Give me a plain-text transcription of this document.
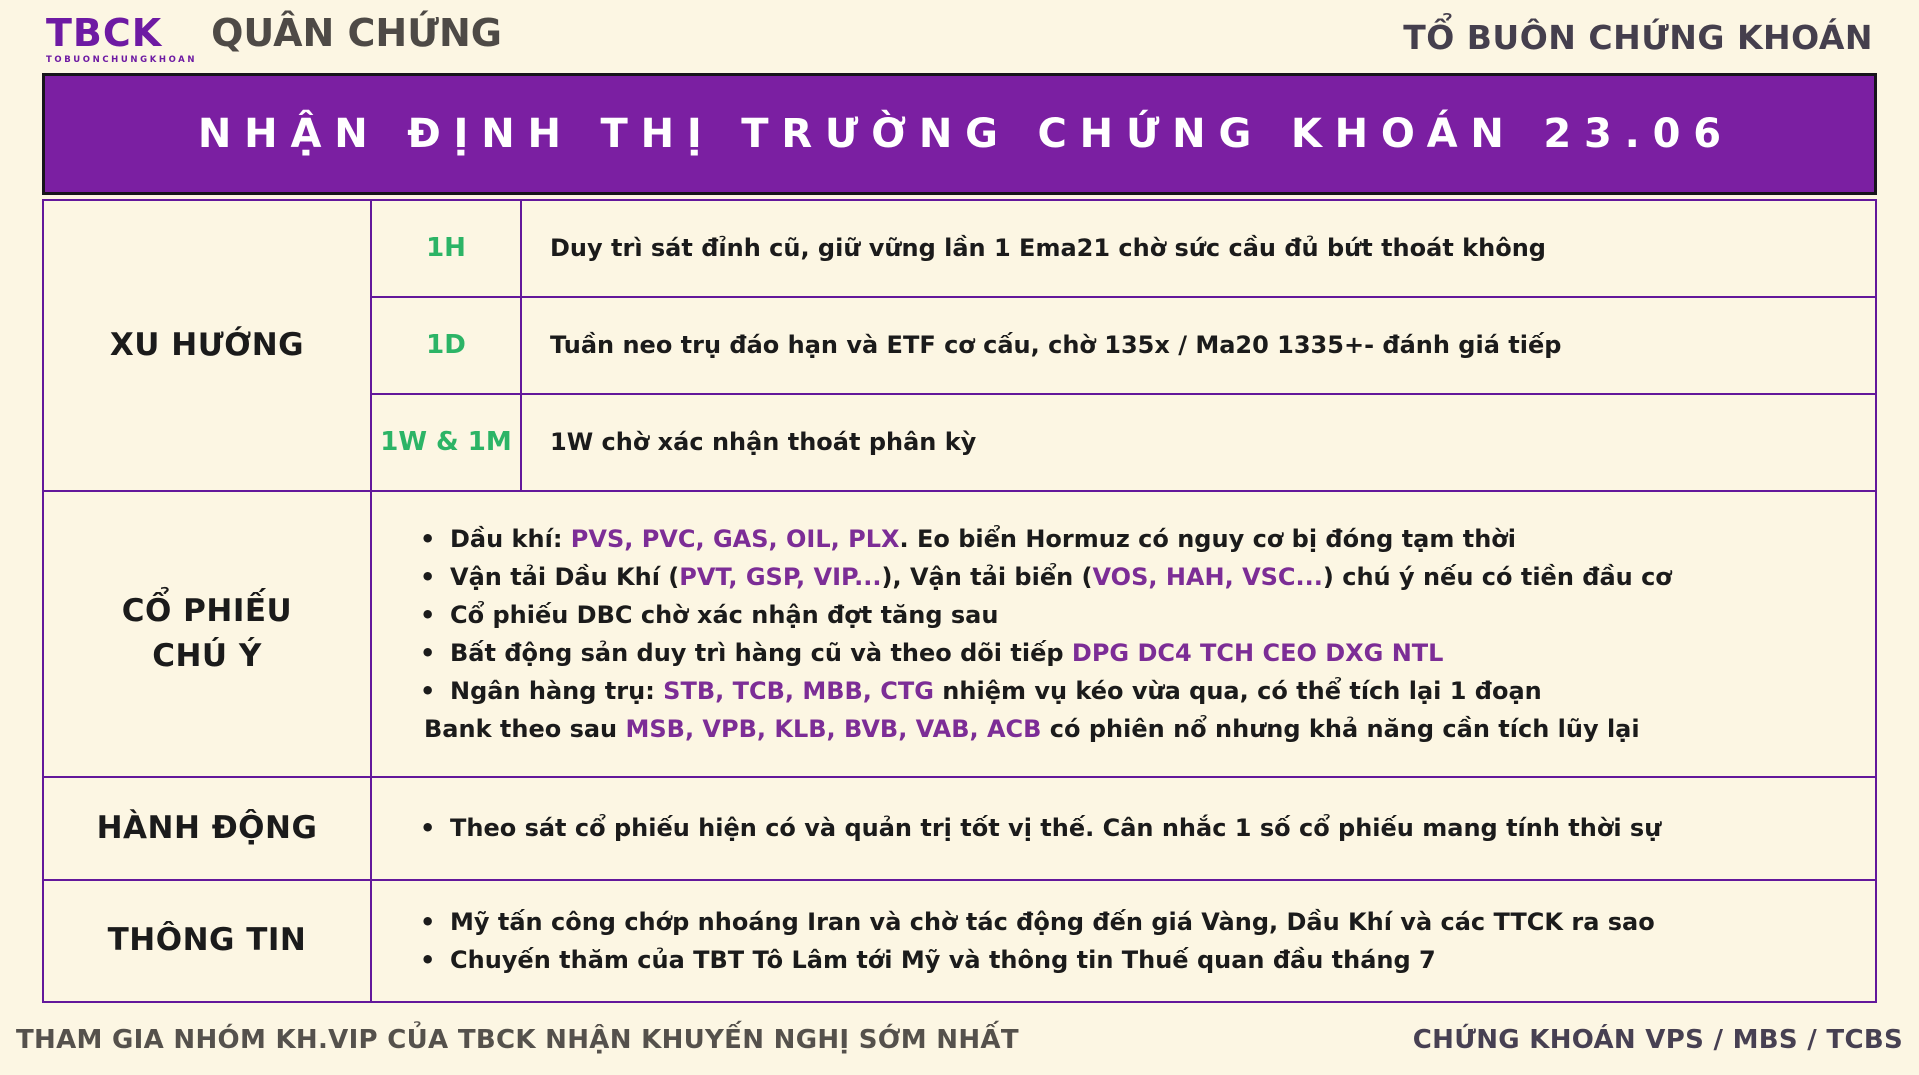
TBCK
TOBUONCHUNGKHOAN
QUÂN CHỨNG	TỔ BUÔN CHỨNG KHOÁN
NHẬN ĐỊNH THỊ TRƯỜNG CHỨNG KHOÁN 23.06
XU HƯỚNG
1H	Duy trì sát đỉnh cũ, giữ vững lần 1 Ema21 chờ sức cầu đủ bứt thoát không
1D	Tuần neo trụ đáo hạn và ETF cơ cấu, chờ 135x / Ma20 1335+- đánh giá tiếp
1W & 1M	1W chờ xác nhận thoát phân kỳ
CỔ PHIẾU
CHÚ Ý
• Dầu khí: PVS, PVC, GAS, OIL, PLX. Eo biển Hormuz có nguy cơ bị đóng tạm thời
• Vận tải Dầu Khí (PVT, GSP, VIP...), Vận tải biển (VOS, HAH, VSC...) chú ý nếu có tiền đầu cơ
• Cổ phiếu DBC chờ xác nhận đợt tăng sau
• Bất động sản duy trì hàng cũ và theo dõi tiếp DPG DC4 TCH CEO DXG NTL
• Ngân hàng trụ: STB, TCB, MBB, CTG nhiệm vụ kéo vừa qua, có thể tích lại 1 đoạn
Bank theo sau MSB, VPB, KLB, BVB, VAB, ACB có phiên nổ nhưng khả năng cần tích lũy lại
HÀNH ĐỘNG	• Theo sát cổ phiếu hiện có và quản trị tốt vị thế. Cân nhắc 1 số cổ phiếu mang tính thời sự
THÔNG TIN
• Mỹ tấn công chớp nhoáng Iran và chờ tác động đến giá Vàng, Dầu Khí và các TTCK ra sao
• Chuyến thăm của TBT Tô Lâm tới Mỹ và thông tin Thuế quan đầu tháng 7
THAM GIA NHÓM KH.VIP CỦA TBCK NHẬN KHUYẾN NGHỊ SỚM NHẤT	CHỨNG KHOÁN VPS / MBS / TCBS
